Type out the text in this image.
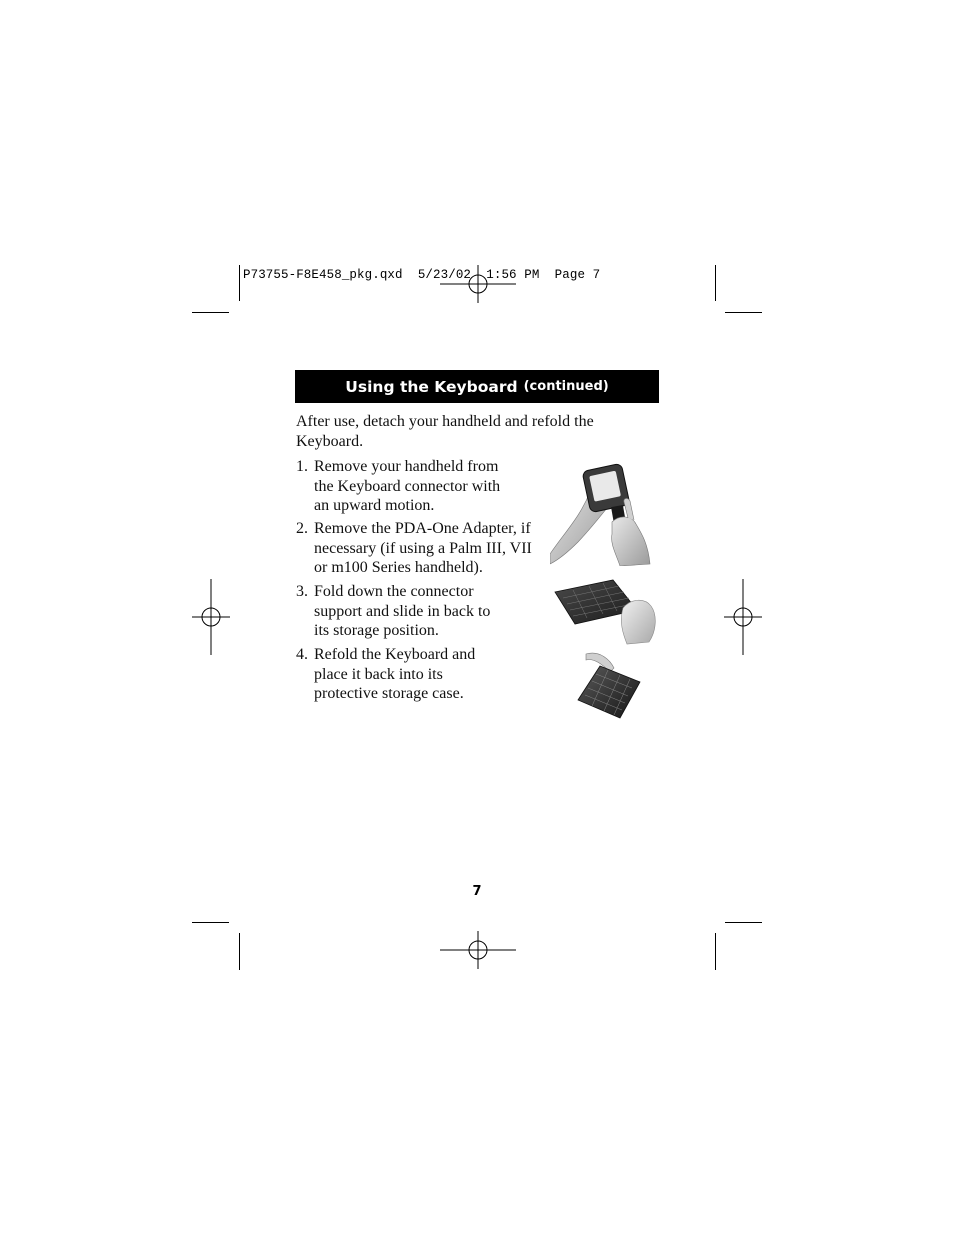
P73755-F8E458_pkg.qxd  5/23/02  1:56 PM  Page 7
Using the Keyboard (continued)
After use, detach your handheld and refold the Keyboard.
1. Remove your handheld from
the Keyboard connector with
an upward motion.
2. Remove the PDA-One Adapter, if
necessary (if using a Palm III, VII
or m100 Series handheld).
3. Fold down the connector
support and slide in back to
its storage position.
4. Refold the Keyboard and
place it back into its
protective storage case.
7
